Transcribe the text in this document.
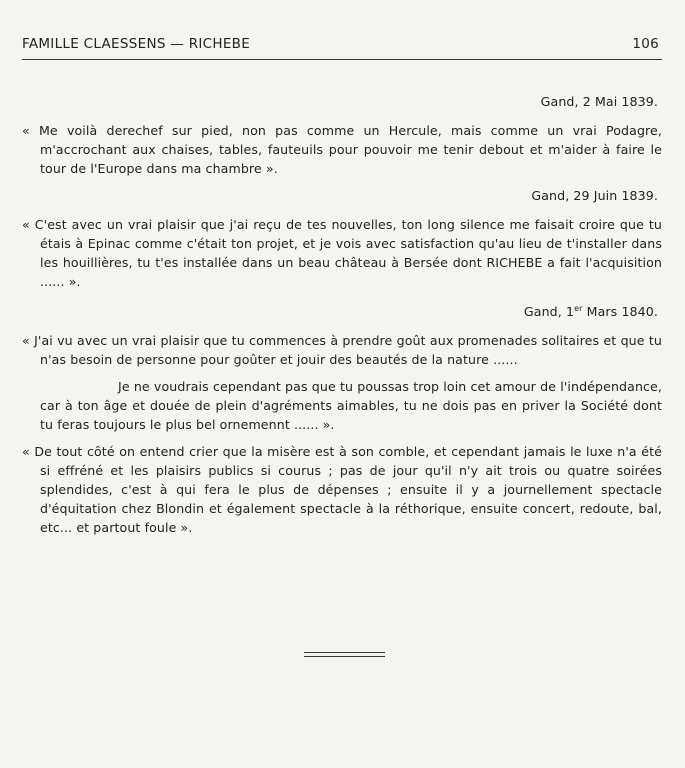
FAMILLE CLAESSENS — RICHEBE	106
Gand, 2 Mai 1839.

« Me voilà derechef sur pied, non pas comme un Hercule, mais comme un vrai Podagre, m'accrochant aux chaises, tables, fauteuils pour pouvoir me tenir debout et m'aider à faire le tour de l'Europe dans ma chambre ».

Gand, 29 Juin 1839.

« C'est avec un vrai plaisir que j'ai reçu de tes nouvelles, ton long silence me faisait croire que tu étais à Epinac comme c'était ton projet, et je vois avec satisfaction qu'au lieu de t'installer dans les houillières, tu t'es installée dans un beau château à Bersée dont RICHEBE a fait l'acquisition ...... ».

Gand, 1er Mars 1840.

« J'ai vu avec un vrai plaisir que tu commences à prendre goût aux promenades solitaires et que tu n'as besoin de personne pour goûter et jouir des beautés de la nature ......

Je ne voudrais cependant pas que tu poussas trop loin cet amour de l'indépendance, car à ton âge et douée de plein d'agréments aimables, tu ne dois pas en priver la Société dont tu feras toujours le plus bel ornemennt ...... ».

« De tout côté on entend crier que la misère est à son comble, et cependant jamais le luxe n'a été si effréné et les plaisirs publics si courus ; pas de jour qu'il n'y ait trois ou quatre soirées splendides, c'est à qui fera le plus de dépenses ; ensuite il y a journellement spectacle d'équitation chez Blondin et également spectacle à la réthorique, ensuite concert, redoute, bal, etc... et partout foule ».
